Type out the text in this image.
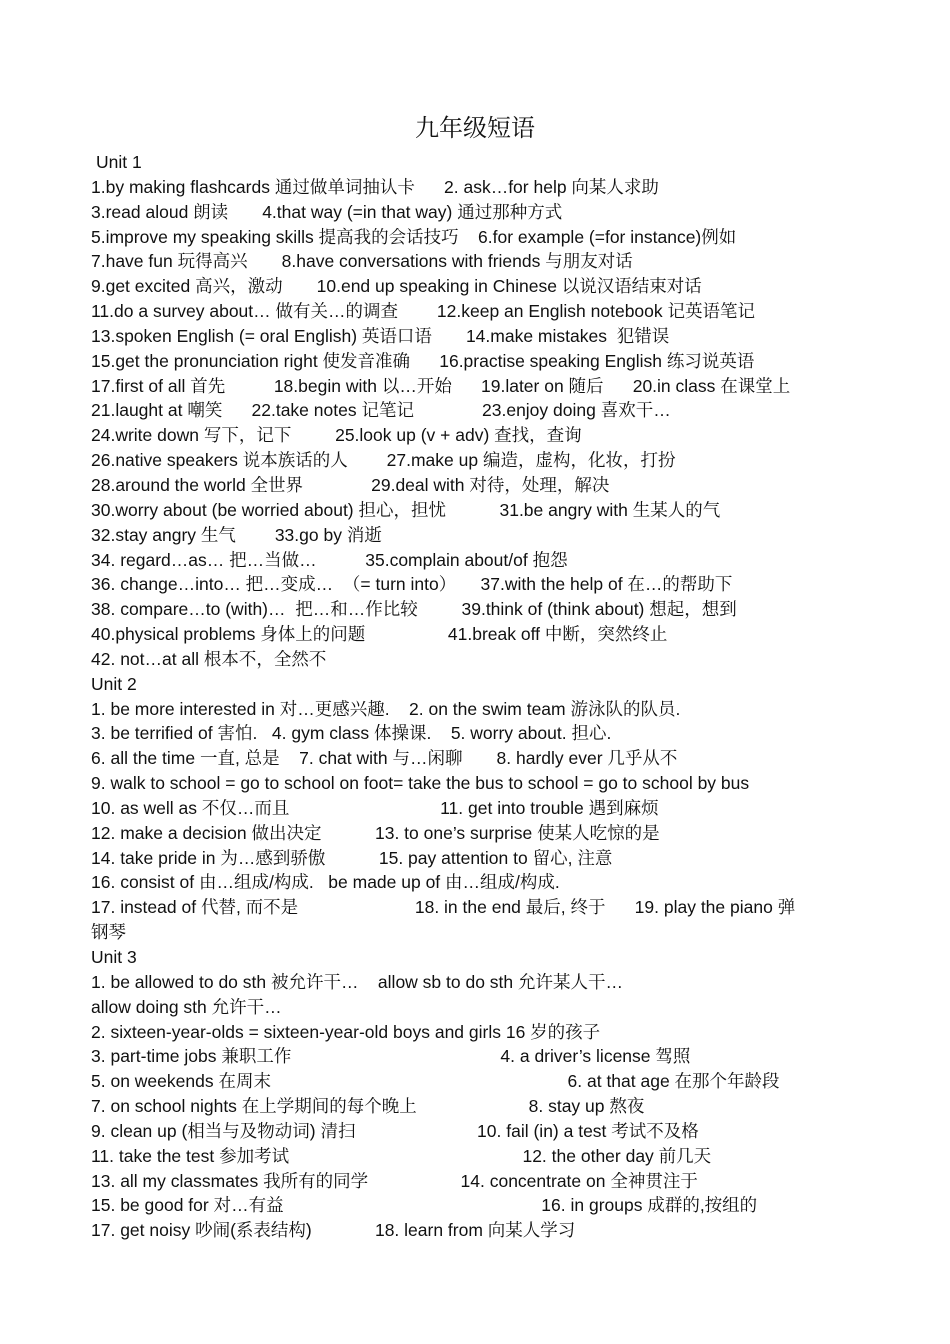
九年级短语
Unit 1
1.by making flashcards 通过做单词抽认卡      2. ask…for help 向某人求助
3.read aloud 朗读       4.that way (=in that way) 通过那种方式
5.improve my speaking skills 提高我的会话技巧    6.for example (=for instance)例如
7.have fun 玩得高兴       8.have conversations with friends 与朋友对话
9.get excited 高兴，激动       10.end up speaking in Chinese 以说汉语结束对话
11.do a survey about… 做有关…的调查        12.keep an English notebook 记英语笔记
13.spoken English (= oral English) 英语口语       14.make mistakes  犯错误
15.get the pronunciation right 使发音准确      16.practise speaking English 练习说英语
17.first of all 首先          18.begin with 以…开始      19.later on 随后      20.in class 在课堂上
21.laught at 嘲笑      22.take notes 记笔记              23.enjoy doing 喜欢干…
24.write down 写下，记下         25.look up (v + adv) 查找，查询
26.native speakers 说本族话的人        27.make up 编造，虚构，化妆，打扮
28.around the world 全世界              29.deal with 对待，处理，解决
30.worry about (be worried about) 担心，担忧           31.be angry with 生某人的气
32.stay angry 生气        33.go by 消逝
34. regard…as… 把…当做…          35.complain about/of 抱怨
36. change…into… 把…变成…  （= turn into）     37.with the help of 在…的帮助下
38. compare…to (with)…  把…和…作比较         39.think of (think about) 想起，想到
40.physical problems 身体上的问题                 41.break off 中断，突然终止
42. not…at all 根本不，全然不
Unit 2
1. be more interested in 对…更感兴趣.    2. on the swim team 游泳队的队员.
3. be terrified of 害怕.   4. gym class 体操课.    5. worry about. 担心.
6. all the time 一直, 总是    7. chat with 与…闲聊       8. hardly ever 几乎从不
9. walk to school = go to school on foot= take the bus to school = go to school by bus
10. as well as 不仅…而且                               11. get into trouble 遇到麻烦
12. make a decision 做出决定           13. to one’s surprise 使某人吃惊的是
14. take pride in 为…感到骄傲           15. pay attention to 留心, 注意
16. consist of 由…组成/构成.   be made up of 由…组成/构成.
17. instead of 代替, 而不是                        18. in the end 最后, 终于      19. play the piano 弹
钢琴
Unit 3
1. be allowed to do sth 被允许干…    allow sb to do sth 允许某人干…
allow doing sth 允许干…
2. sixteen-year-olds = sixteen-year-old boys and girls 16 岁的孩子
3. part-time jobs 兼职工作                                           4. a driver’s license 驾照
5. on weekends 在周末                                                             6. at that age 在那个年龄段
7. on school nights 在上学期间的每个晚上                       8. stay up 熬夜
9. clean up (相当与及物动词) 清扫                         10. fail (in) a test 考试不及格
11. take the test 参加考试                                                12. the other day 前几天
13. all my classmates 我所有的同学                   14. concentrate on 全神贯注于
15. be good for 对…有益                                                     16. in groups 成群的,按组的
17. get noisy 吵闹(系表结构)             18. learn from 向某人学习
